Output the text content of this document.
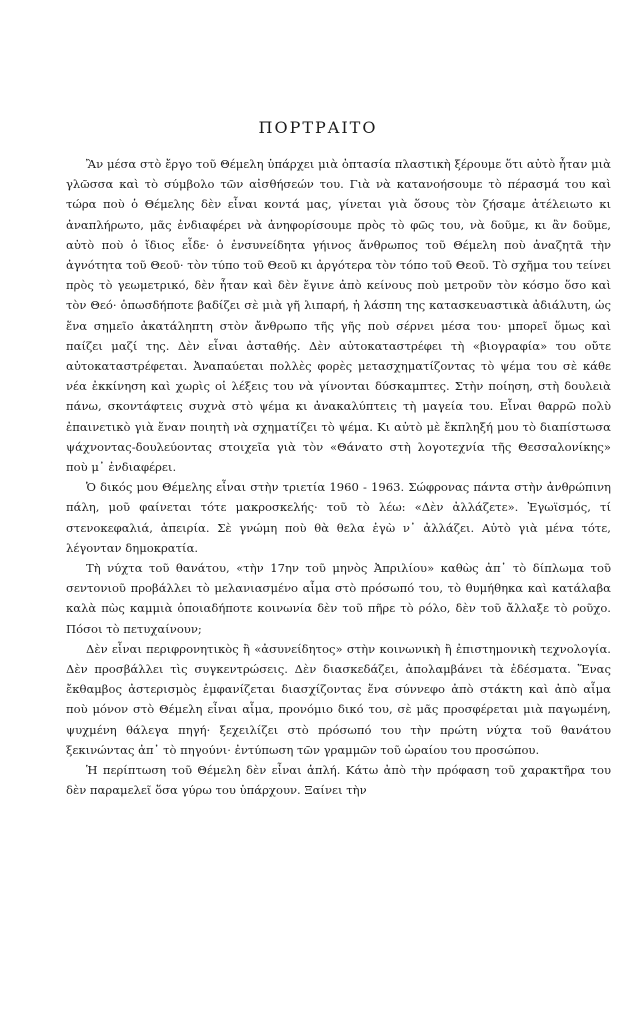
ΠΟΡΤΡΑΙΤΟ

Ἂν μέσα στὸ ἔργο τοῦ Θέμελη ὑπάρχει μιὰ ὀπτασία πλαστικὴ ξέρουμε ὅτι αὐτὸ ἦταν μιὰ γλῶσσα καὶ τὸ σύμβολο τῶν αἰσθήσεών του. Γιὰ νὰ κατανοήσουμε τὸ πέρασμά του καὶ τώρα ποὺ ὁ Θέμελης δὲν εἶναι κοντά μας, γίνεται γιὰ ὅσους τὸν ζήσαμε ἀτέλειωτο κι ἀναπλήρωτο, μᾶς ἐνδιαφέρει νὰ ἀνηφορίσουμε πρὸς τὸ φῶς του, νὰ δοῦμε, κι ἂν δοῦμε, αὐτὸ ποὺ ὁ ἴδιος εἶδε· ὁ ἐνσυνείδητα γήινος ἄνθρωπος τοῦ Θέμελη ποὺ ἀναζητᾶ τὴν ἀγνότητα τοῦ Θεοῦ· τὸν τύπο τοῦ Θεοῦ κι ἀργότερα τὸν τόπο τοῦ Θεοῦ. Τὸ σχῆμα του τείνει πρὸς τὸ γεωμετρικό, δὲν ἦταν καὶ δὲν ἔγινε ἀπὸ κείνους ποὺ μετροῦν τὸν κόσμο ὅσο καὶ τὸν Θεό· ὁπωσδήποτε βαδίζει σὲ μιὰ γῆ λιπαρή, ἡ λάσπη της κατασκευαστικὰ ἀδιάλυτη, ὡς ἕνα σημεῖο ἀκατάληπτη στὸν ἄνθρωπο τῆς γῆς ποὺ σέρνει μέσα του· μπορεῖ ὅμως καὶ παίζει μαζί της. Δὲν εἶναι ἀσταθής. Δὲν αὐτοκαταστρέφει τὴ «βιογραφία» του οὔτε αὐτοκαταστρέφεται. Ἀναπαύεται πολλὲς φορὲς μετασχηματίζοντας τὸ ψέμα του σὲ κάθε νέα ἐκκίνηση καὶ χωρὶς οἱ λέξεις του νὰ γίνονται δύσκαμπτες. Στὴν ποίηση, στὴ δουλειὰ πάνω, σκοντάφτεις συχνὰ στὸ ψέμα κι ἀνακαλύπτεις τὴ μαγεία του. Εἶναι θαρρῶ πολὺ ἐπαινετικὸ γιὰ ἕναν ποιητὴ νὰ σχηματίζει τὸ ψέμα. Κι αὐτὸ μὲ ἔκπληξή μου τὸ διαπίστωσα ψάχνοντας-δουλεύοντας στοιχεῖα γιὰ τὸν «Θάνατο στὴ λογοτεχνία τῆς Θεσσαλονίκης» ποὺ μ᾽ ἐνδιαφέρει.

Ὁ δικός μου Θέμελης εἶναι στὴν τριετία 1960 - 1963. Σώφρονας πάντα στὴν ἀνθρώπινη πάλη, μοῦ φαίνεται τότε μακροσκελής· τοῦ τὸ λέω: «Δὲν ἀλλάζετε». Ἐγωϊσμός, τί στενοκεφαλιά, ἀπειρία. Σὲ γνώμη ποὺ θὰ θελα ἐγὼ ν᾽ ἀλλάζει. Αὐτὸ γιὰ μένα τότε, λέγονταν δημοκρατία.

Τὴ νύχτα τοῦ θανάτου, «τὴν 17ην τοῦ μηνὸς Ἀπριλίου» καθὼς ἀπ᾽ τὸ δίπλωμα τοῦ σεντονιοῦ προβάλλει τὸ μελανιασμένο αἷμα στὸ πρόσωπό του, τὸ θυμήθηκα καὶ κατάλαβα καλὰ πὼς καμμιὰ ὁποιαδήποτε κοινωνία δὲν τοῦ πῆρε τὸ ρόλο, δὲν τοῦ ἄλλαξε τὸ ροῦχο. Πόσοι τὸ πετυχαίνουν;

Δὲν εἶναι περιφρονητικὸς ἢ «ἀσυνείδητος» στὴν κοινωνικὴ ἢ ἐπιστημονικὴ τεχνολογία. Δὲν προσβάλλει τὶς συγκεντρώσεις. Δὲν διασκεδάζει, ἀπολαμβάνει τὰ ἐδέσματα. Ἕνας ἔκθαμβος ἀστερισμὸς ἐμφανίζεται διασχίζοντας ἕνα σύννεφο ἀπὸ στάκτη καὶ ἀπὸ αἷμα ποὺ μόνον στὸ Θέμελη εἶναι αἷμα, προνόμιο δικό του, σὲ μᾶς προσφέρεται μιὰ παγωμένη, ψυχμένη θάλεγα πηγή· ξεχειλίζει στὸ πρόσωπό του τὴν πρώτη νύχτα τοῦ θανάτου ξεκινώντας ἀπ᾽ τὸ πηγούνι· ἐντύπωση τῶν γραμμῶν τοῦ ὡραίου του προσώπου.

Ἡ περίπτωση τοῦ Θέμελη δὲν εἶναι ἁπλή. Κάτω ἀπὸ τὴν πρόφαση τοῦ χαρακτῆρα του δὲν παραμελεῖ ὅσα γύρω του ὑπάρχουν. Ξαίνει τὴν
